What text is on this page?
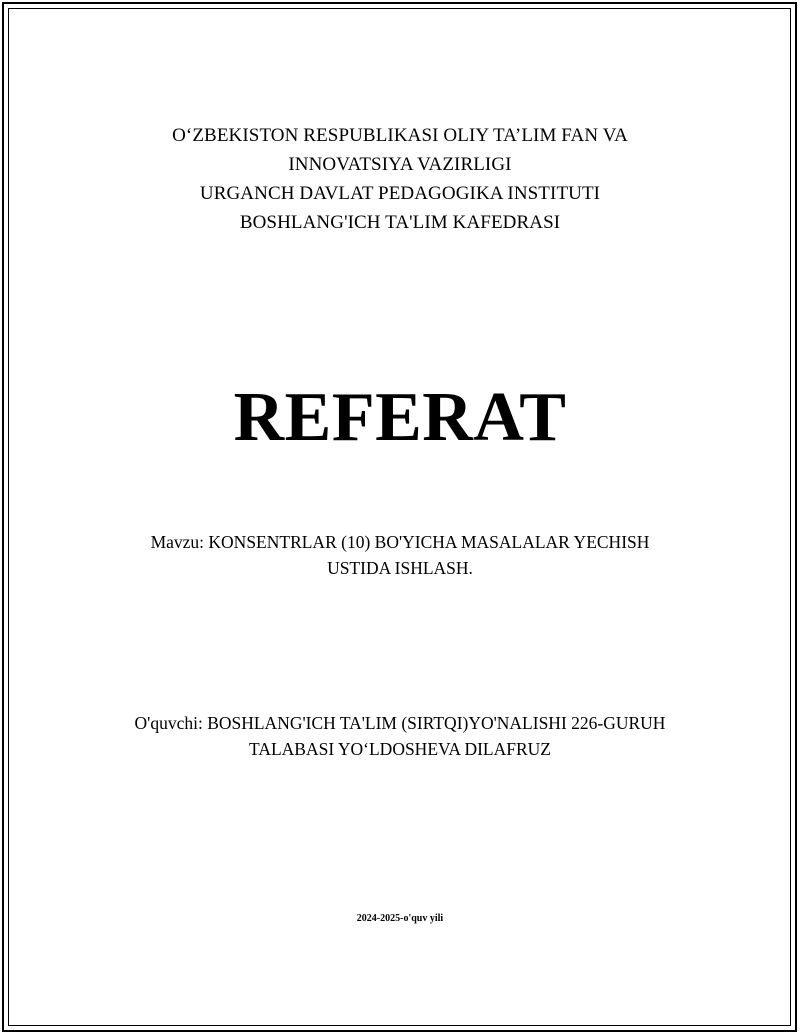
O‘ZBEKISTON RESPUBLIKASI OLIY TA’LIM FAN VA
INNOVATSIYA VAZIRLIGI
URGANCH DAVLAT PEDAGOGIKA INSTITUTI
BOSHLANG'ICH TA'LIM KAFEDRASI
REFERAT
Mavzu: KONSENTRLAR (10) BO'YICHA MASALALAR YECHISH
USTIDA ISHLASH.
O'quvchi: BOSHLANG'ICH TA'LIM (SIRTQI)YO'NALISHI 226-GURUH
TALABASI YO‘LDOSHEVA DILAFRUZ
2024-2025-o'quv yili
